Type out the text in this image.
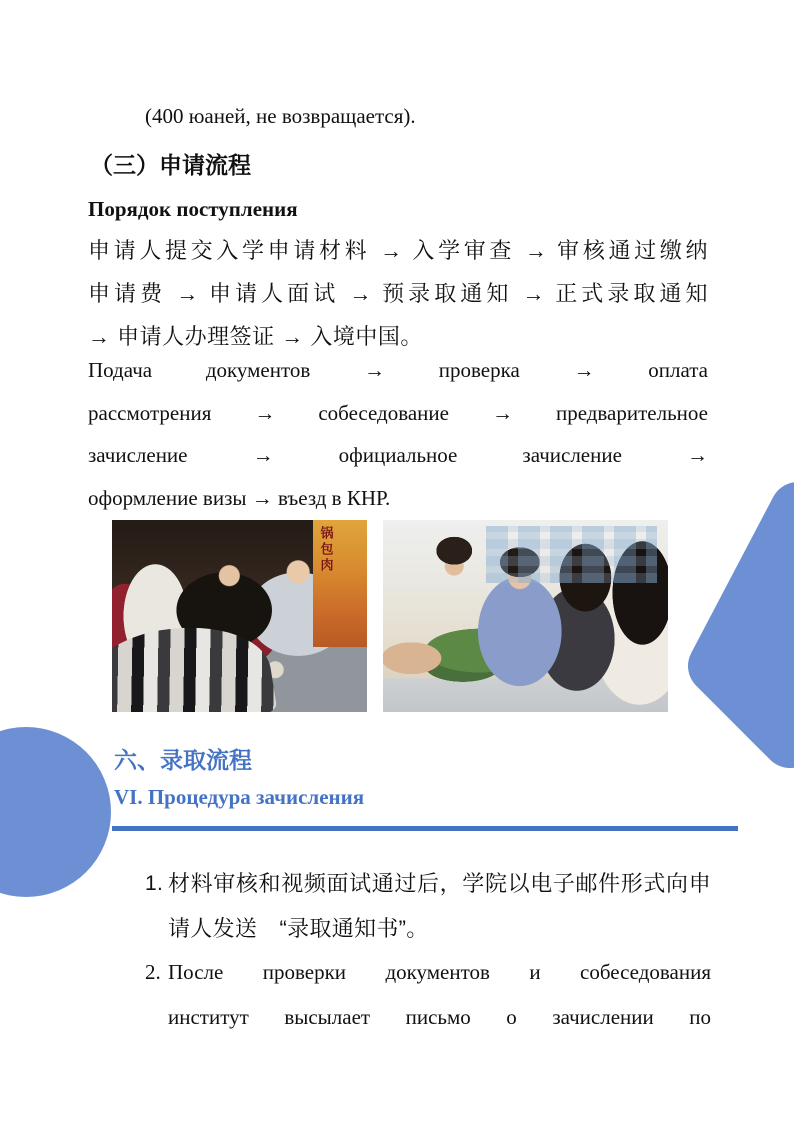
(400 юаней, не возвращается).
（三）申请流程
Порядок поступления
申请人提交入学申请材料 → 入学审查 → 审核通过缴纳
申请费 → 申请人面试 → 预录取通知 → 正式录取通知
→ 申请人办理签证 → 入境中国。
Подача документов → проверка → оплата
рассмотрения → собеседование → предварительное
зачисление → официальное зачисление →
оформление визы → въезд в КНР.
锅包肉
六、录取流程
VI. Процедура зачисления
1. 材料审核和视频面试通过后，学院以电子邮件形式向申
请人发送　“录取通知书”。
2. После проверки документов и собеседования
институт высылает письмо о зачислении по
